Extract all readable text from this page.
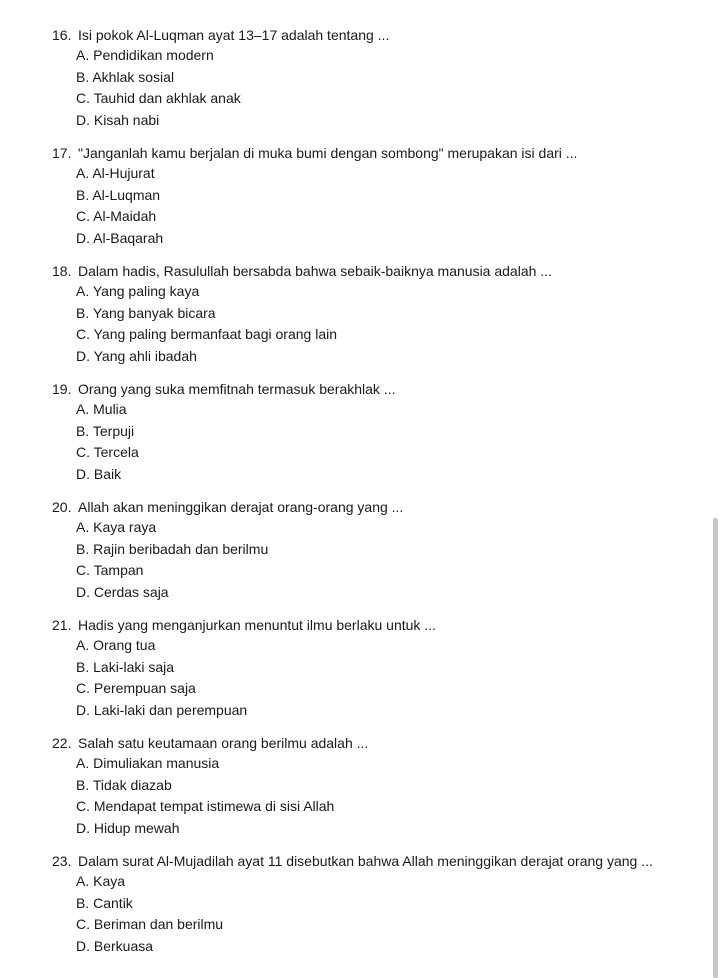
16. Isi pokok Al-Luqman ayat 13–17 adalah tentang ...

A. Pendidikan modern
B. Akhlak sosial
C. Tauhid dan akhlak anak
D. Kisah nabi

17. "Janganlah kamu berjalan di muka bumi dengan sombong" merupakan isi dari ...

A. Al-Hujurat
B. Al-Luqman
C. Al-Maidah
D. Al-Baqarah

18. Dalam hadis, Rasulullah bersabda bahwa sebaik-baiknya manusia adalah ...

A. Yang paling kaya
B. Yang banyak bicara
C. Yang paling bermanfaat bagi orang lain
D. Yang ahli ibadah

19. Orang yang suka memfitnah termasuk berakhlak ...

A. Mulia
B. Terpuji
C. Tercela
D. Baik

20. Allah akan meninggikan derajat orang-orang yang ...

A. Kaya raya
B. Rajin beribadah dan berilmu
C. Tampan
D. Cerdas saja

21. Hadis yang menganjurkan menuntut ilmu berlaku untuk ...

A. Orang tua
B. Laki-laki saja
C. Perempuan saja
D. Laki-laki dan perempuan

22. Salah satu keutamaan orang berilmu adalah ...

A. Dimuliakan manusia
B. Tidak diazab
C. Mendapat tempat istimewa di sisi Allah
D. Hidup mewah

23. Dalam surat Al-Mujadilah ayat 11 disebutkan bahwa Allah meninggikan derajat orang yang ...

A. Kaya
B. Cantik
C. Beriman dan berilmu
D. Berkuasa
